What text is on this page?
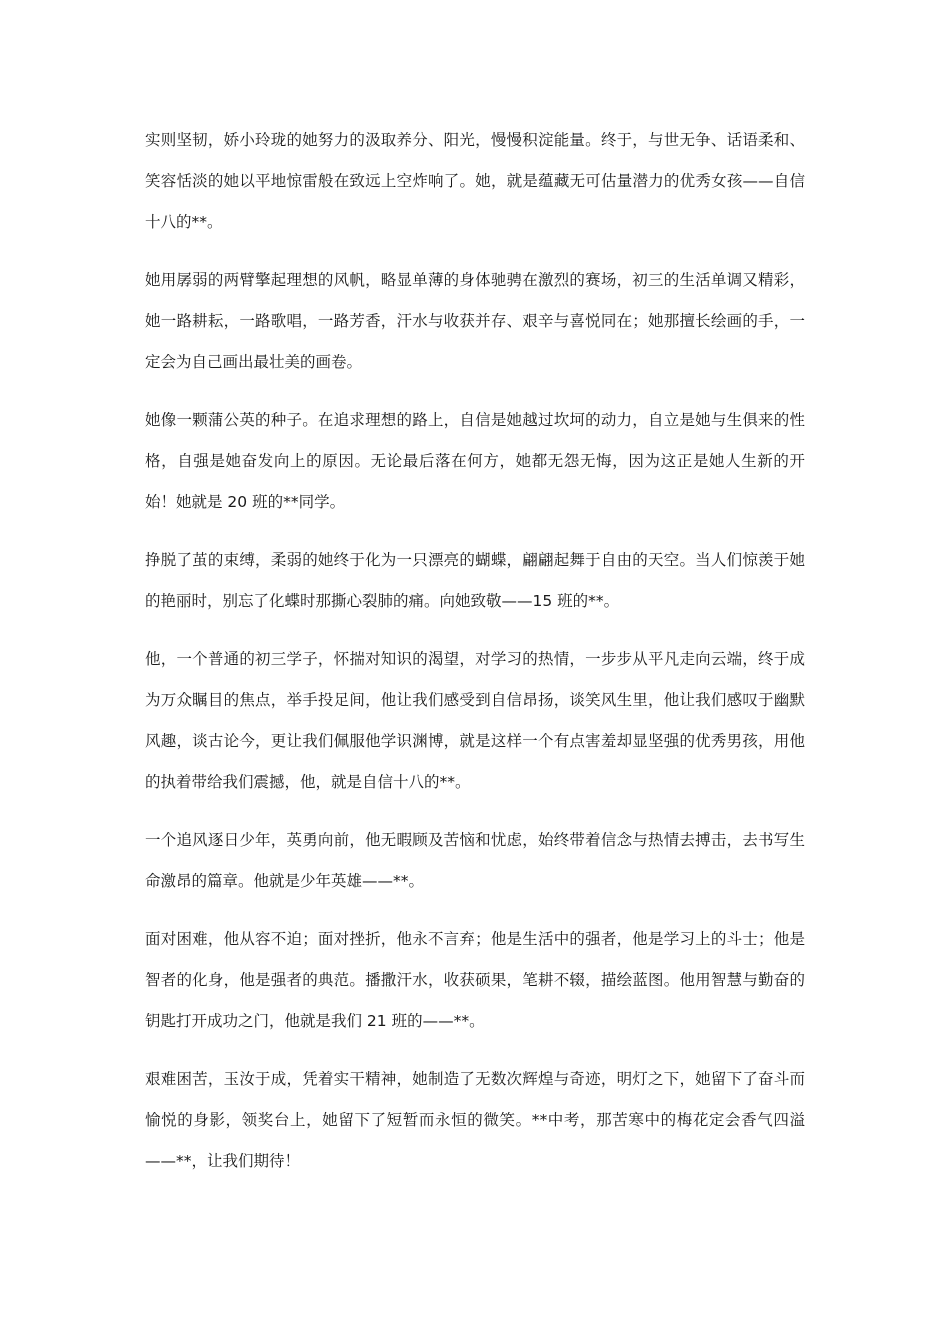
实则坚韧，娇小玲珑的她努力的汲取养分、阳光，慢慢积淀能量。终于，与世无争、话语柔和、笑容恬淡的她以平地惊雷般在致远上空炸响了。她，就是蕴藏无可估量潜力的优秀女孩——自信十八的**。

她用孱弱的两臂擎起理想的风帆，略显单薄的身体驰骋在激烈的赛场，初三的生活单调又精彩，她一路耕耘，一路歌唱，一路芳香，汗水与收获并存、艰辛与喜悦同在；她那擅长绘画的手，一定会为自己画出最壮美的画卷。

她像一颗蒲公英的种子。在追求理想的路上，自信是她越过坎坷的动力，自立是她与生俱来的性格，自强是她奋发向上的原因。无论最后落在何方，她都无怨无悔，因为这正是她人生新的开始！她就是 20 班的**同学。

挣脱了茧的束缚，柔弱的她终于化为一只漂亮的蝴蝶，翩翩起舞于自由的天空。当人们惊羡于她的艳丽时，别忘了化蝶时那撕心裂肺的痛。向她致敬——15 班的**。

他，一个普通的初三学子，怀揣对知识的渴望，对学习的热情，一步步从平凡走向云端，终于成为万众瞩目的焦点，举手投足间，他让我们感受到自信昂扬，谈笑风生里，他让我们感叹于幽默风趣，谈古论今，更让我们佩服他学识渊博，就是这样一个有点害羞却显坚强的优秀男孩，用他的执着带给我们震撼，他，就是自信十八的**。

一个追风逐日少年，英勇向前，他无暇顾及苦恼和忧虑，始终带着信念与热情去搏击，去书写生命激昂的篇章。他就是少年英雄——**。

面对困难，他从容不迫；面对挫折，他永不言弃；他是生活中的强者，他是学习上的斗士；他是智者的化身，他是强者的典范。播撒汗水，收获硕果，笔耕不辍，描绘蓝图。他用智慧与勤奋的钥匙打开成功之门，他就是我们 21 班的——**。

艰难困苦，玉汝于成，凭着实干精神，她制造了无数次辉煌与奇迹，明灯之下，她留下了奋斗而愉悦的身影，领奖台上，她留下了短暂而永恒的微笑。**中考，那苦寒中的梅花定会香气四溢——**，让我们期待！
